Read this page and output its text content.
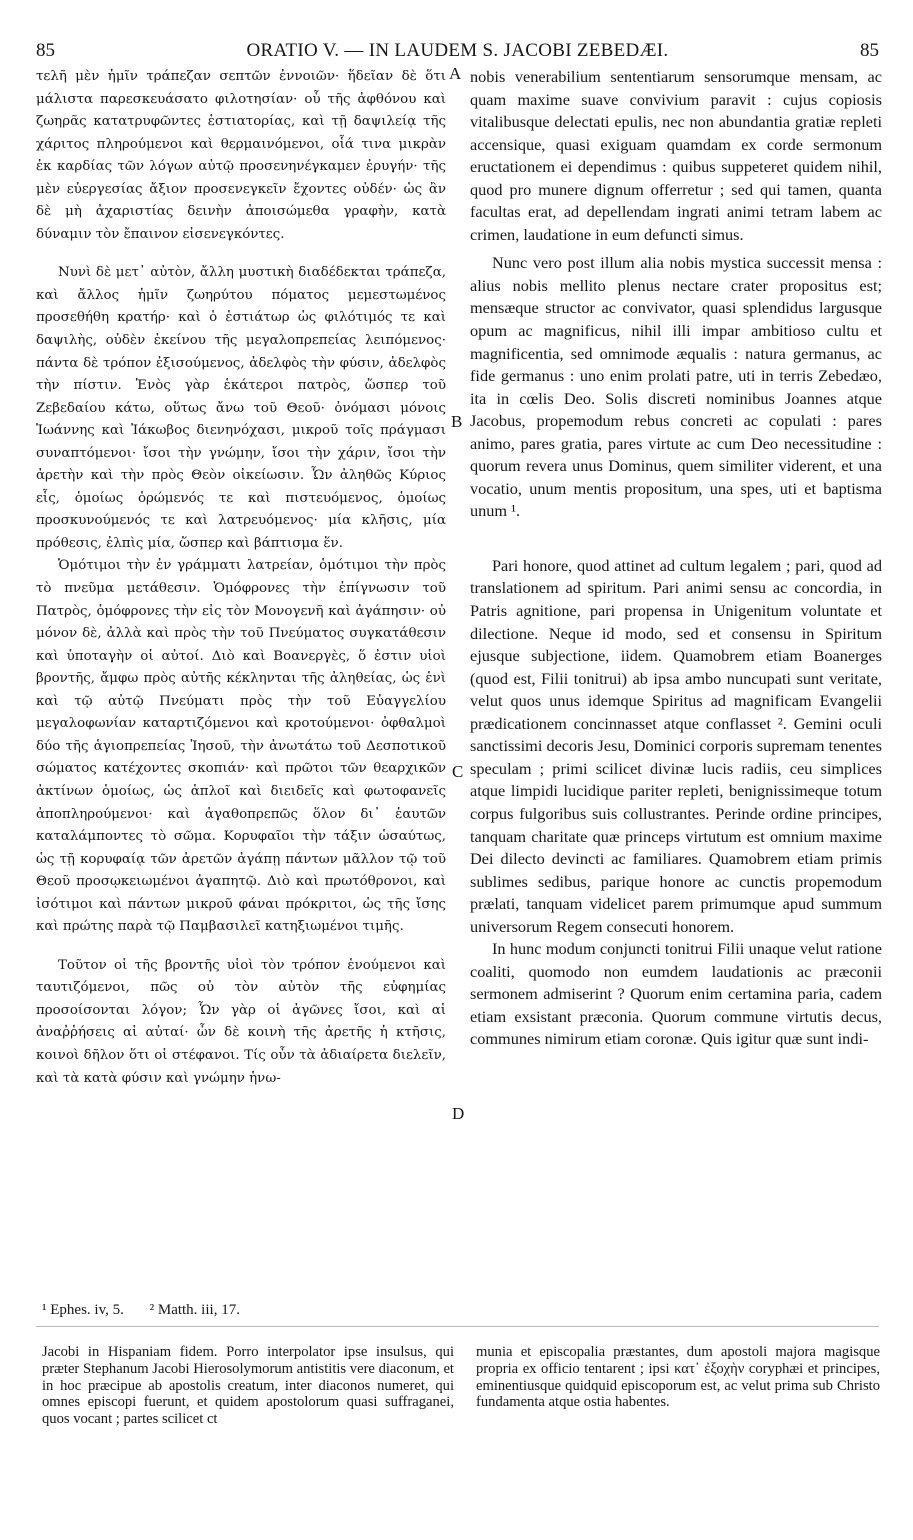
85	ORATIO V. — IN LAUDEM S. JACOBI ZEBEDÆI.	85

τελῆ μὲν ἡμῖν τράπεζαν σεπτῶν ἐννοιῶν· ἥδεῖαν δὲ ὅτι μάλιστα παρεσκευάσατο φιλοτησίαν· οὗ τῆς ἀφθόνου καὶ ζωηρᾶς κατατρυφῶντες ἑστιατορίας, καὶ τῇ δαψιλείᾳ τῆς χάριτος πληρούμενοι καὶ θερμαινόμενοι, οἷά τινα μικρὰν ἐκ καρδίας τῶν λόγων αὐτῷ προσενηνέγκαμεν ἐρυγήν· τῆς μὲν εὐεργεσίας ἄξιον προσενεγκεῖν ἔχοντες οὐδέν· ὡς ἂν δὲ μὴ ἀχαριστίας δεινὴν ἀποισώμεθα γραφὴν, κατὰ δύναμιν τὸν ἔπαινον εἰσενεγκόντες.

Νυνὶ δὲ μετ᾽ αὐτὸν, ἄλλη μυστικὴ διαδέδεκται τράπεζα, καὶ ἄλλος ἡμῖν ζωηρύτου πόματος μεμεστωμένος προσεθήθη κρατήρ· καὶ ὁ ἑστιάτωρ ὡς φιλότιμός τε καὶ δαψιλὴς, οὐδὲν ἐκείνου τῆς μεγαλοπρεπείας λειπόμενος· πάντα δὲ τρόπον ἐξισούμενος, ἀδελφὸς τὴν φύσιν, ἀδελφὸς τὴν πίστιν. Ἑνὸς γὰρ ἑκάτεροι πατρὸς, ὥσπερ τοῦ Ζεβεδαίου κάτω, οὕτως ἄνω τοῦ Θεοῦ· ὀνόμασι μόνοις Ἰωάννης καὶ Ἰάκωβος διενηνόχασι, μικροῦ τοῖς πράγμασι συναπτόμενοι· ἴσοι τὴν γνώμην, ἴσοι τὴν χάριν, ἴσοι τὴν ἀρετὴν καὶ τὴν πρὸς Θεὸν οἰκείωσιν. Ὧν ἀληθῶς Κύριος εἷς, ὁμοίως ὁρώμενός τε καὶ πιστευόμενος, ὁμοίως προσκυνούμενός τε καὶ λατρευόμενος· μία κλῆσις, μία πρόθεσις, ἐλπὶς μία, ὥσπερ καὶ βάπτισμα ἕν.

Ὁμότιμοι τὴν ἐν γράμματι λατρείαν, ὁμότιμοι τὴν πρὸς τὸ πνεῦμα μετάθεσιν. Ὁμόφρονες τὴν ἐπίγνωσιν τοῦ Πατρὸς, ὁμόφρονες τὴν εἰς τὸν Μονογενῆ καὶ ἀγάπησιν· οὐ μόνον δὲ, ἀλλὰ καὶ πρὸς τὴν τοῦ Πνεύματος συγκατάθεσιν καὶ ὑποταγὴν οἱ αὐτοί. Διὸ καὶ Βοανεργὲς, ὅ ἐστιν υἱοὶ βροντῆς, ἄμφω πρὸς αὐτῆς κέκληνται τῆς ἀληθείας, ὡς ἑνὶ καὶ τῷ αὐτῷ Πνεύματι πρὸς τὴν τοῦ Εὐαγγελίου μεγαλοφωνίαν καταρτιζόμενοι καὶ κροτούμενοι· ὀφθαλμοὶ δύο τῆς ἁγιοπρεπείας Ἰησοῦ, τὴν ἀνωτάτω τοῦ Δεσποτικοῦ σώματος κατέχοντες σκοπιάν· καὶ πρῶτοι τῶν θεαρχικῶν ἀκτίνων ὁμοίως, ὡς ἁπλοῖ καὶ διειδεῖς καὶ φωτοφανεῖς ἀποπληρούμενοι· καὶ ἀγαθοπρεπῶς ὅλον δι᾽ ἑαυτῶν καταλάμποντες τὸ σῶμα. Κορυφαῖοι τὴν τάξιν ὡσαύτως, ὡς τῇ κορυφαίᾳ τῶν ἀρετῶν ἀγάπῃ πάντων μᾶλλον τῷ τοῦ Θεοῦ προσῳκειωμένοι ἀγαπητῷ. Διὸ καὶ πρωτόθρονοι, καὶ ἰσότιμοι καὶ πάντων μικροῦ φάναι πρόκριτοι, ὡς τῆς ἴσης καὶ πρώτης παρὰ τῷ Παμβασιλεῖ κατηξιωμένοι τιμῆς.

Τοῦτον οἱ τῆς βροντῆς υἱοὶ τὸν τρόπον ἑνούμενοι καὶ ταυτιζόμενοι, πῶς οὐ τὸν αὐτὸν τῆς εὐφημίας προσοίσονται λόγον; Ὧν γὰρ οἱ ἀγῶνες ἴσοι, καὶ αἱ ἀναῤῥήσεις αἱ αὐταί· ὧν δὲ κοινὴ τῆς ἀρετῆς ἡ κτῆσις, κοινοὶ δῆλον ὅτι οἱ στέφανοι. Τίς οὖν τὰ ἀδιαίρετα διελεῖν, καὶ τὰ κατὰ φύσιν καὶ γνώμην ἡνω-

nobis venerabilium sententiarum sensorumque mensam, ac quam maxime suave convivium paravit : cujus copiosis vitalibusque delectati epulis, nec non abundantia gratiæ repleti accensique, quasi exiguam quamdam ex corde sermonum eructationem ei dependimus : quibus suppeteret quidem nihil, quod pro munere dignum offerretur ; sed qui tamen, quanta facultas erat, ad depellendam ingrati animi tetram labem ac crimen, laudatione in eum defuncti simus.

Nunc vero post illum alia nobis mystica successit mensa : alius nobis mellito plenus nectare crater propositus est; mensæque structor ac convivator, quasi splendidus largusque opum ac magnificus, nihil illi impar ambitioso cultu et magnificentia, sed omnimode æqualis : natura germanus, ac fide germanus : uno enim prolati patre, uti in terris Zebedæo, ita in cœlis Deo. Solis discreti nominibus Joannes atque Jacobus, propemodum rebus concreti ac copulati : pares animo, pares gratia, pares virtute ac cum Deo necessitudine : quorum revera unus Dominus, quem similiter viderent, et una vocatio, unum mentis propositum, una spes, uti et baptisma unum ¹.

Pari honore, quod attinet ad cultum legalem ; pari, quod ad translationem ad spiritum. Pari animi sensu ac concordia, in Patris agnitione, pari propensa in Unigenitum voluntate et dilectione. Neque id modo, sed et consensu in Spiritum ejusque subjectione, iidem. Quamobrem etiam Boanerges (quod est, Filii tonitrui) ab ipsa ambo nuncupati sunt veritate, velut quos unus idemque Spiritus ad magnificam Evangelii prædicationem concinnasset atque conflasset ². Gemini oculi sanctissimi decoris Jesu, Dominici corporis supremam tenentes speculam ; primi scilicet divinæ lucis radiis, ceu simplices atque limpidi lucidique pariter repleti, benignissimeque totum corpus fulgoribus suis collustrantes. Perinde ordine principes, tanquam charitate quæ princeps virtutum est omnium maxime Dei dilecto devincti ac familiares. Quamobrem etiam primis sublimes sedibus, parique honore ac cunctis propemodum prælati, tanquam videlicet parem primumque apud summum universorum Regem consecuti honorem.

In hunc modum conjuncti tonitrui Filii unaque velut ratione coaliti, quomodo non eumdem laudationis ac præconii sermonem admiserint ? Quorum enim certamina paria, cadem etiam exsistant præconia. Quorum commune virtutis decus, communes nimirum etiam coronæ. Quis igitur quæ sunt indi-

A
B
C
D
¹ Ephes. iv, 5. ² Matth. iii, 17.
Jacobi in Hispaniam fidem. Porro interpolator ipse insulsus, qui præter Stephanum Jacobi Hierosolymorum antistitis vere diaconum, et in hoc præcipue ab apostolis creatum, inter diaconos numeret, qui omnes episcopi fuerunt, et quidem apostolorum quasi suffraganei, quos vocant ; partes scilicet ct
munia et episcopalia præstantes, dum apostoli majora magisque propria ex officio tentarent ; ipsi κατ᾽ ἐξοχὴν coryphæi et principes, eminentiusque quidquid episcoporum est, ac velut prima sub Christo fundamenta atque ostia habentes.
